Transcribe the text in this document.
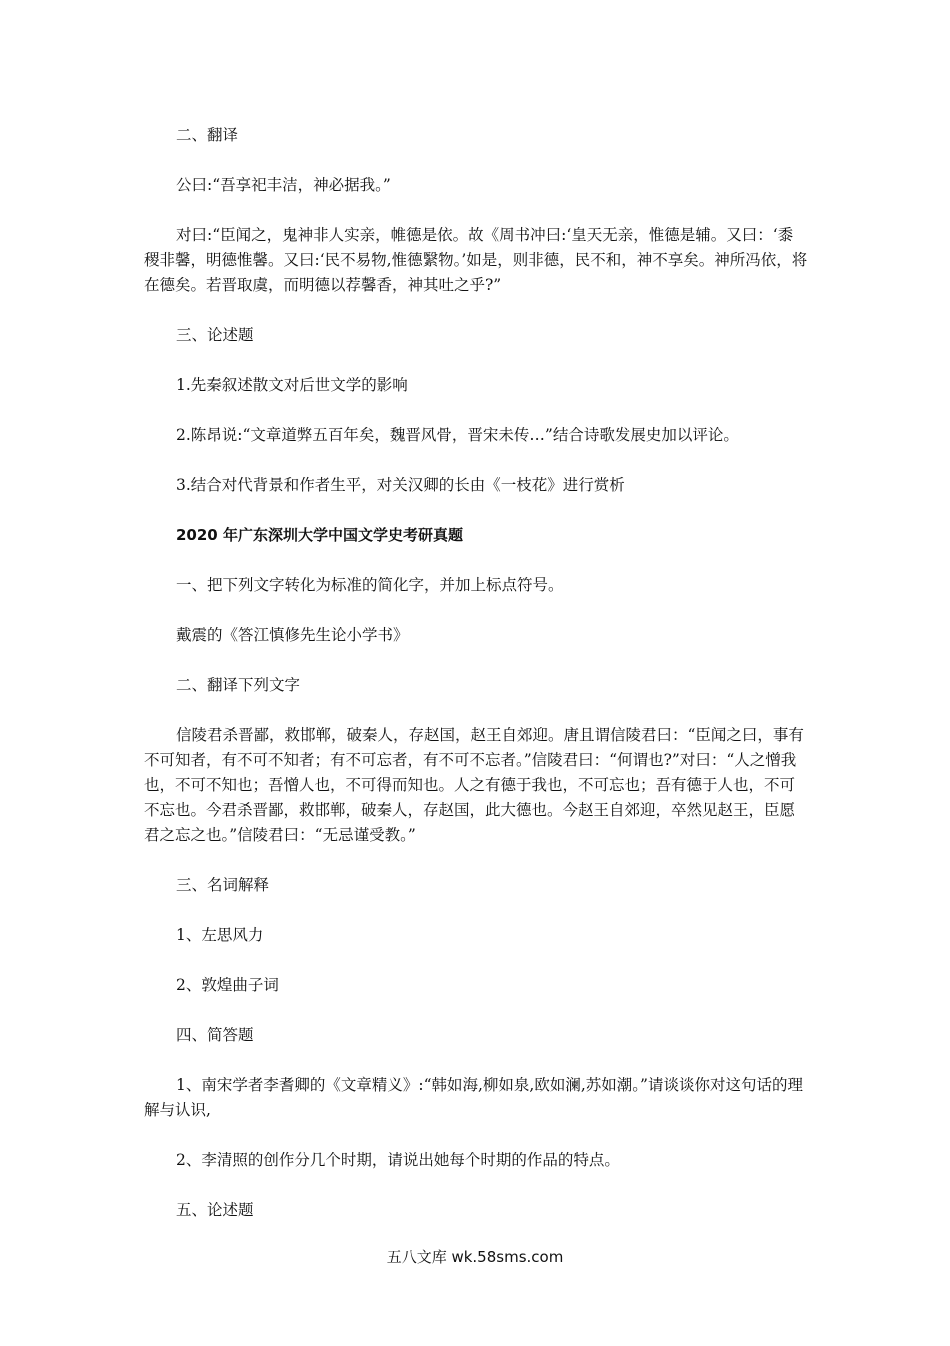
二、翻译

公曰:“吾享祀丰洁，神必据我。”

对曰:“臣闻之，鬼神非人实亲，帷德是依。故《周书冲曰:‘皇天无亲，惟德是辅。又曰：‘黍稷非馨，明德惟馨。又曰:‘民不易物,惟德繄物。’如是，则非德，民不和，神不享矣。神所冯依，将在德矣。若晋取虞，而明德以荐馨香，神其吐之乎?”

三、论述题

1.先秦叙述散文对后世文学的影响

2.陈昂说:“文章道弊五百年矣，魏晋风骨，晋宋未传…”结合诗歌发展史加以评论。

3.结合对代背景和作者生平，对关汉卿的长由《一枝花》进行赏析

2020 年广东深圳大学中国文学史考研真题

一、把下列文字转化为标准的简化字，并加上标点符号。

戴震的《答江慎修先生论小学书》

二、翻译下列文字

信陵君杀晋鄙，救邯郸，破秦人，存赵国，赵王自郊迎。唐且谓信陵君曰：“臣闻之曰，事有不可知者，有不可不知者；有不可忘者，有不可不忘者。”信陵君曰：“何谓也?”对曰：“人之憎我也，不可不知也；吾憎人也，不可得而知也。人之有德于我也，不可忘也；吾有德于人也，不可不忘也。今君杀晋鄙，救邯郸，破秦人，存赵国，此大德也。今赵王自郊迎，卒然见赵王，臣愿君之忘之也。”信陵君曰：“无忌谨受教。”

三、名词解释

1、左思风力

2、敦煌曲子词

四、简答题

1、南宋学者李耆卿的《文章精义》:“韩如海,柳如泉,欧如澜,苏如潮。”请谈谈你对这句话的理解与认识,

2、李清照的创作分几个时期，请说出她每个时期的作品的特点。

五、论述题

五八文库 wk.58sms.com
